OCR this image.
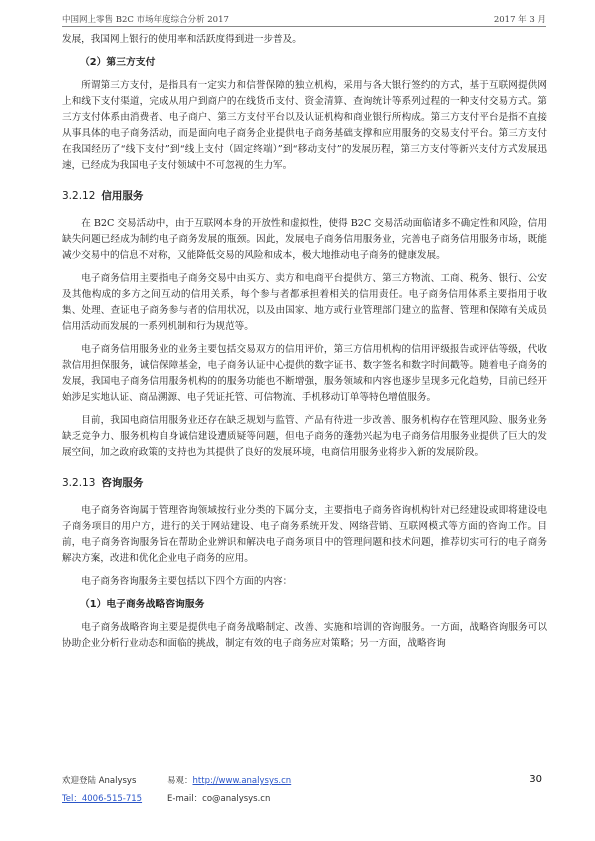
中国网上零售 B2C 市场年度综合分析 2017	2017 年 3 月

发展，我国网上银行的使用率和活跃度得到进一步普及。

（2）第三方支付

所谓第三方支付，是指具有一定实力和信誉保障的独立机构，采用与各大银行签约的方式，基于互联网提供网上和线下支付渠道，完成从用户到商户的在线货币支付、资金清算、查询统计等系列过程的一种支付交易方式。第三方支付体系由消费者、电子商户、第三方支付平台以及认证机构和商业银行所构成。第三方支付平台是指不直接从事具体的电子商务活动，而是面向电子商务企业提供电子商务基础支撑和应用服务的交易支付平台。第三方支付在我国经历了“线下支付”到“线上支付（固定终端）”到“移动支付”的发展历程，第三方支付等新兴支付方式发展迅速，已经成为我国电子支付领域中不可忽视的生力军。

3.2.12 信用服务

在 B2C 交易活动中，由于互联网本身的开放性和虚拟性，使得 B2C 交易活动面临诸多不确定性和风险，信用缺失问题已经成为制约电子商务发展的瓶颈。因此，发展电子商务信用服务业，完善电子商务信用服务市场，既能减少交易中的信息不对称，又能降低交易的风险和成本，极大地推动电子商务的健康发展。

电子商务信用主要指电子商务交易中由买方、卖方和电商平台提供方、第三方物流、工商、税务、银行、公安及其他构成的多方之间互动的信用关系，每个参与者都承担着相关的信用责任。电子商务信用体系主要指用于收集、处理、查证电子商务参与者的信用状况，以及由国家、地方或行业管理部门建立的监督、管理和保障有关成员信用活动而发展的一系列机制和行为规范等。

电子商务信用服务业的业务主要包括交易双方的信用评价，第三方信用机构的信用评级报告或评估等级，代收款信用担保服务，诚信保障基金，电子商务认证中心提供的数字证书、数字签名和数字时间戳等。随着电子商务的发展，我国电子商务信用服务机构的的服务功能也不断增强，服务领域和内容也逐步呈现多元化趋势，目前已经开始涉足实地认证、商品溯源、电子凭证托管、可信物流、手机移动订单等特色增值服务。

目前，我国电商信用服务业还存在缺乏规划与监管、产品有待进一步改善、服务机构存在管理风险、服务业务缺乏竞争力、服务机构自身诚信建设遭质疑等问题，但电子商务的蓬勃兴起为电子商务信用服务业提供了巨大的发展空间，加之政府政策的支持也为其提供了良好的发展环境，电商信用服务业将步入新的发展阶段。

3.2.13 咨询服务

电子商务咨询属于管理咨询领域按行业分类的下属分支，主要指电子商务咨询机构针对已经建设或即将建设电子商务项目的用户方，进行的关于网站建设、电子商务系统开发、网络营销、互联网模式等方面的咨询工作。目前，电子商务咨询服务旨在帮助企业辨识和解决电子商务项目中的管理问题和技术问题，推荐切实可行的电子商务解决方案，改进和优化企业电子商务的应用。

电子商务咨询服务主要包括以下四个方面的内容：

（1）电子商务战略咨询服务

电子商务战略咨询主要是提供电子商务战略制定、改善、实施和培训的咨询服务。一方面，战略咨询服务可以协助企业分析行业动态和面临的挑战，制定有效的电子商务应对策略；另一方面，战略咨询

欢迎登陆 Analysys	易观：http://www.analysys.cn
Tel：4006-515-715	E-mail：co@analysys.cn
30
